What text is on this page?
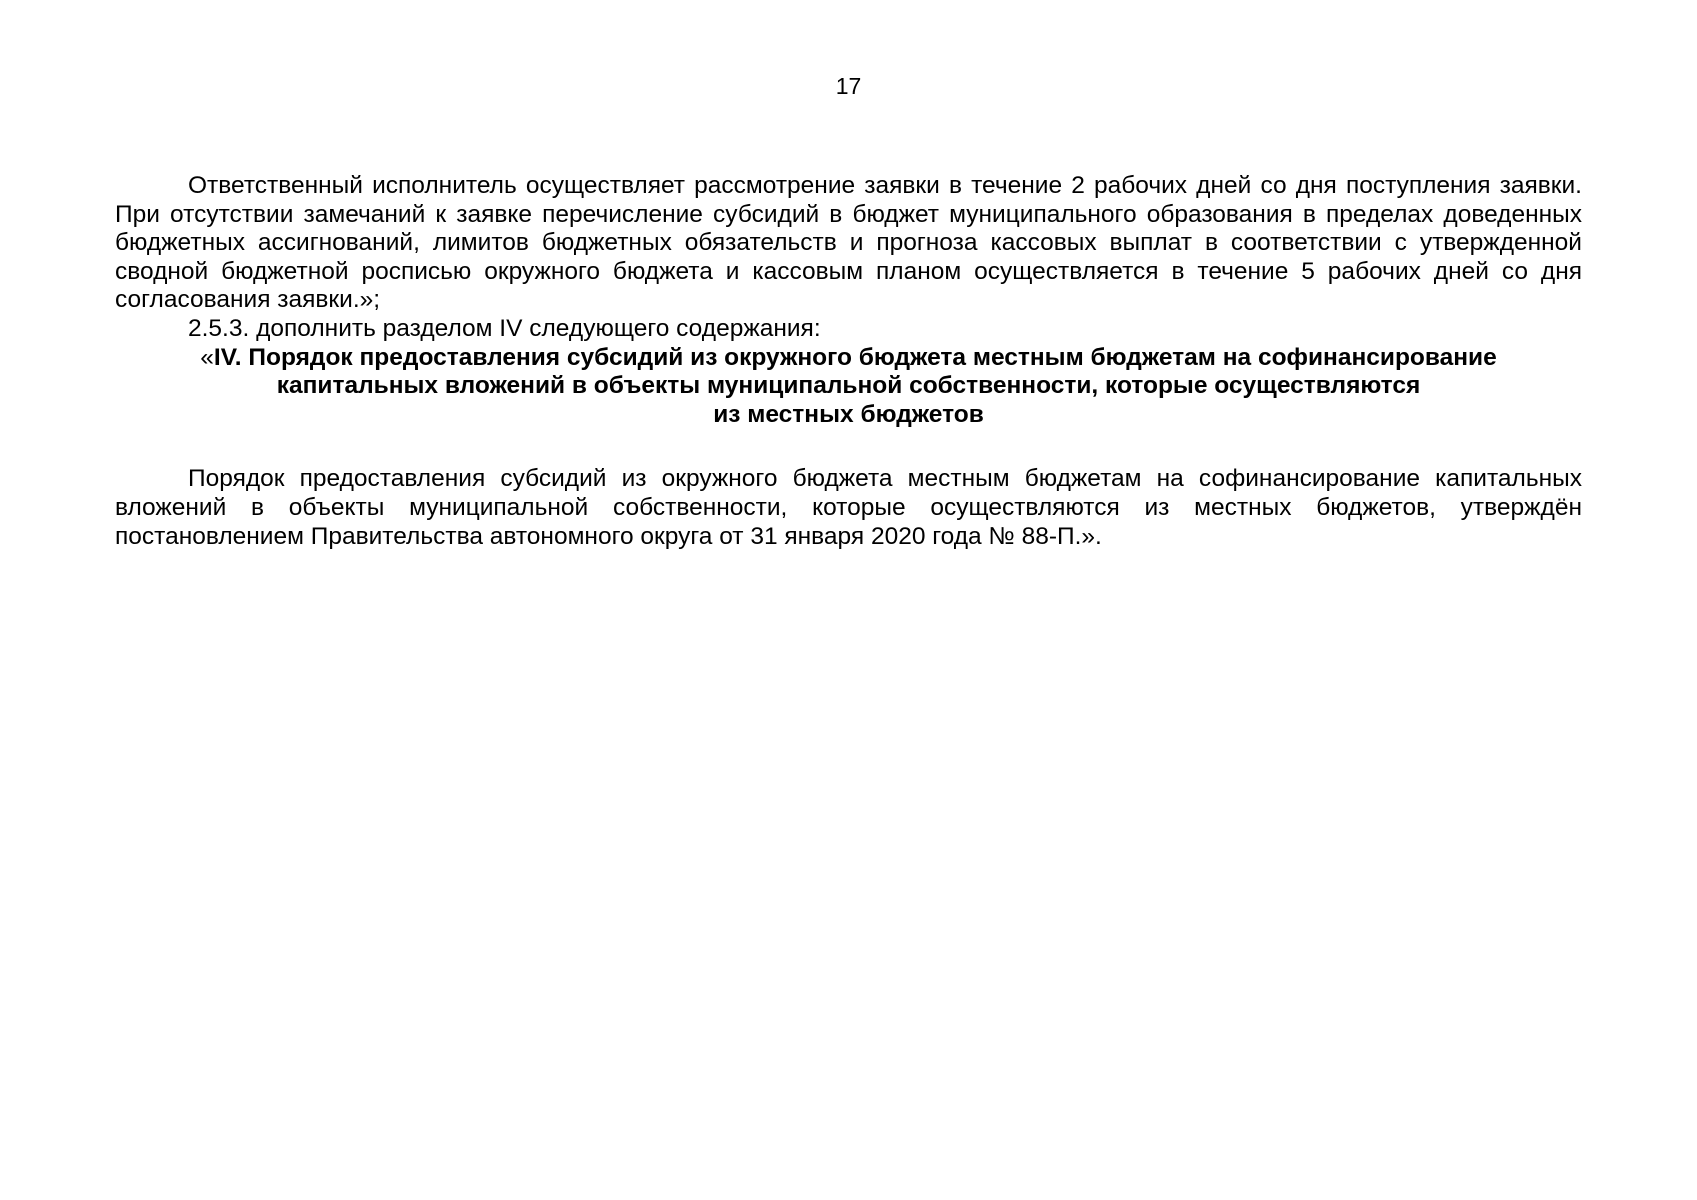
17

Ответственный исполнитель осуществляет рассмотрение заявки в течение 2 рабочих дней со дня поступления заявки. При отсутствии замечаний к заявке перечисление субсидий в бюджет муниципального образования в пределах доведенных бюджетных ассигнований, лимитов бюджетных обязательств и прогноза кассовых выплат в соответствии с утвержденной сводной бюджетной росписью окружного бюджета и кассовым планом осуществляется в течение 5 рабочих дней со дня согласования заявки.»;

2.5.3. дополнить разделом IV следующего содержания:

«IV. Порядок предоставления субсидий из окружного бюджета местным бюджетам на софинансирование
капитальных вложений в объекты муниципальной собственности, которые осуществляются
из местных бюджетов

Порядок предоставления субсидий из окружного бюджета местным бюджетам на софинансирование капитальных вложений в объекты муниципальной собственности, которые осуществляются из местных бюджетов, утверждён постановлением Правительства автономного округа от 31 января 2020 года № 88-П.».
